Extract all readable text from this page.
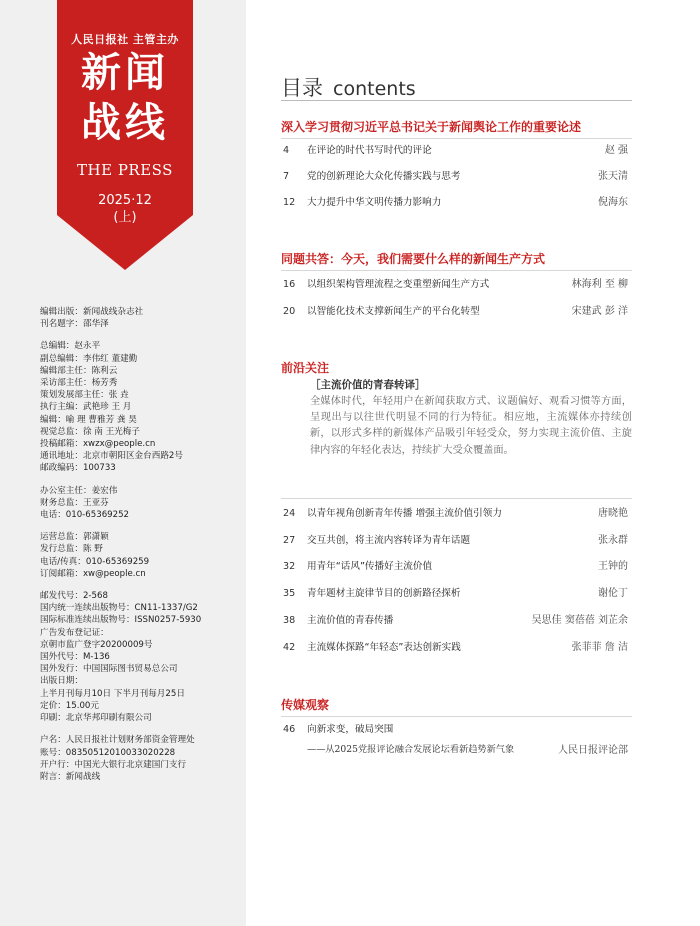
人民日报社 主管主办
新闻
战线
THE PRESS
2025·12
(上)
编辑出版：新闻战线杂志社
刊名题字：邵华泽
总编辑：赵永平
副总编辑：李伟红 董建勤
编辑部主任：陈利云
采访部主任：杨芳秀
策划发展部主任：张 垚
执行主编：武艳珍 王 月
编辑：喻 理 曹雅芳 龚 昊
视觉总监：徐 南 王光梅子
投稿邮箱：xwzx@people.cn
通讯地址：北京市朝阳区金台西路2号
邮政编码：100733
办公室主任：姜宏伟
财务总监：王亚芬
电话：010-65369252
运营总监：郭潇颖
发行总监：陈 野
电话/传真：010-65369259
订阅邮箱：xw@people.cn
邮发代号：2-568
国内统一连续出版物号：CN11-1337/G2
国际标准连续出版物号：ISSN0257-5930
广告发布登记证：
京朝市监广登字20200009号
国外代号：M-136
国外发行：中国国际图书贸易总公司
出版日期：
上半月刊每月10日 下半月刊每月25日
定价：15.00元
印刷：北京华邦印刷有限公司
户名：人民日报社计划财务部资金管理处
账号：0835051201003302022​8
开户行：中国光大银行北京建国门支行
附言：新闻战线
目录 contents
深入学习贯彻习近平总书记关于新闻舆论工作的重要论述
4	在评论的时代书写时代的评论	赵 强
7	党的创新理论大众化传播实践与思考	张天清
12	大力提升中华文明传播力影响力	倪海东
同题共答：今天，我们需要什么样的新闻生产方式
16	以组织架构管理流程之变重塑新闻生产方式	林海利 至 柳
20	以智能化技术支撑新闻生产的平台化转型	宋建武 彭 洋
前沿关注
［主流价值的青春转译］
全媒体时代，年轻用户在新闻获取方式、议题偏好、观看习惯等方面，呈现出与以往世代明显不同的行为特征。相应地，主流媒体亦持续创新，以形式多样的新媒体产品吸引年轻受众，努力实现主流价值、主旋律内容的年轻化表达，持续扩大受众覆盖面。
24	以青年视角创新青年传播 增强主流价值引领力	唐晓艳
27	交互共创，将主流内容转译为青年话题	张永群
32	用青年“话风”传播好主流价值	王钟的
35	青年题材主旋律节目的创新路径探析	谢伦丁
38	主流价值的青春传播	吴思佳 窦蓓蓓 刘芷余
42	主流媒体探路“年轻态”表达创新实践	张菲菲 詹 洁
传媒观察
46	向新求变，破局突围
——从2025党报评论融合发展论坛看新趋势新气象	人民日报评论部
